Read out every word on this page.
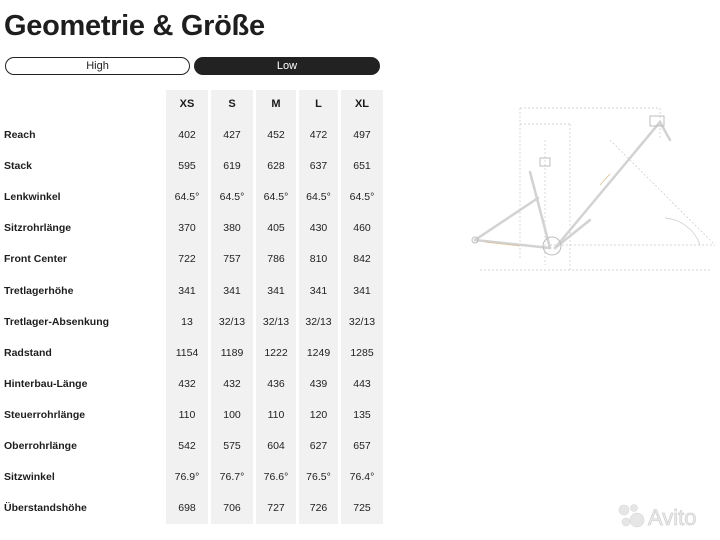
Geometrie & Größe
High	Low
XS	S	M	L	XL
Reach	402	427	452	472	497
Stack	595	619	628	637	651
Lenkwinkel	64.5°	64.5°	64.5°	64.5°	64.5°
Sitzrohrlänge	370	380	405	430	460
Front Center	722	757	786	810	842
Tretlagerhöhe	341	341	341	341	341
Tretlager-Absenkung	13	32/13	32/13	32/13	32/13
Radstand	1154	1189	1222	1249	1285
Hinterbau-Länge	432	432	436	439	443
Steuerrohrlänge	110	100	110	120	135
Oberrohrlänge	542	575	604	627	657
Sitzwinkel	76.9°	76.7°	76.6°	76.5°	76.4°
Überstandshöhe	698	706	727	726	725	Avito
